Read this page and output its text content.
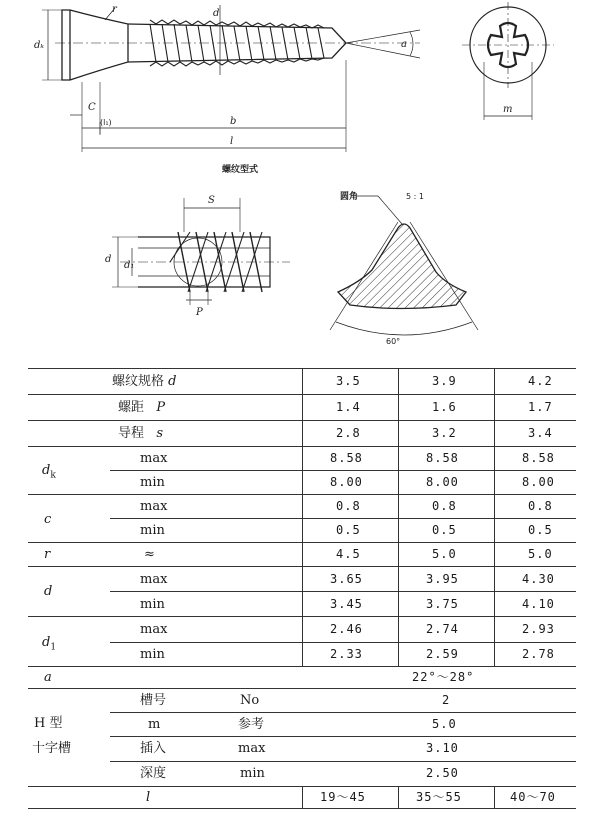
dₖ
r	d
a
C
(l₁)	b
l
螺纹型式
m
S
d
d₁
P
圆角	5 : 1
60°
螺纹规格 d	3.5	3.9	4.2
螺距 P	1.4	1.6	1.7
导程 s	2.8	3.2	3.4
$d_k$
max	8.58	8.58	8.58
min	8.00	8.00	8.00
c
max	0.8	0.8	0.8
min	0.5	0.5	0.5
r	≈	4.5	5.0	5.0
d
max	3.65	3.95	4.30
min	3.45	3.75	4.10
$d_1$
max	2.46	2.74	2.93
min	2.33	2.59	2.78
a	22°～28°
H 型
十字槽
槽号	No	2
m	参考	5.0
插入	max	3.10
深度	min	2.50
l	19～45	35～55	40～70
